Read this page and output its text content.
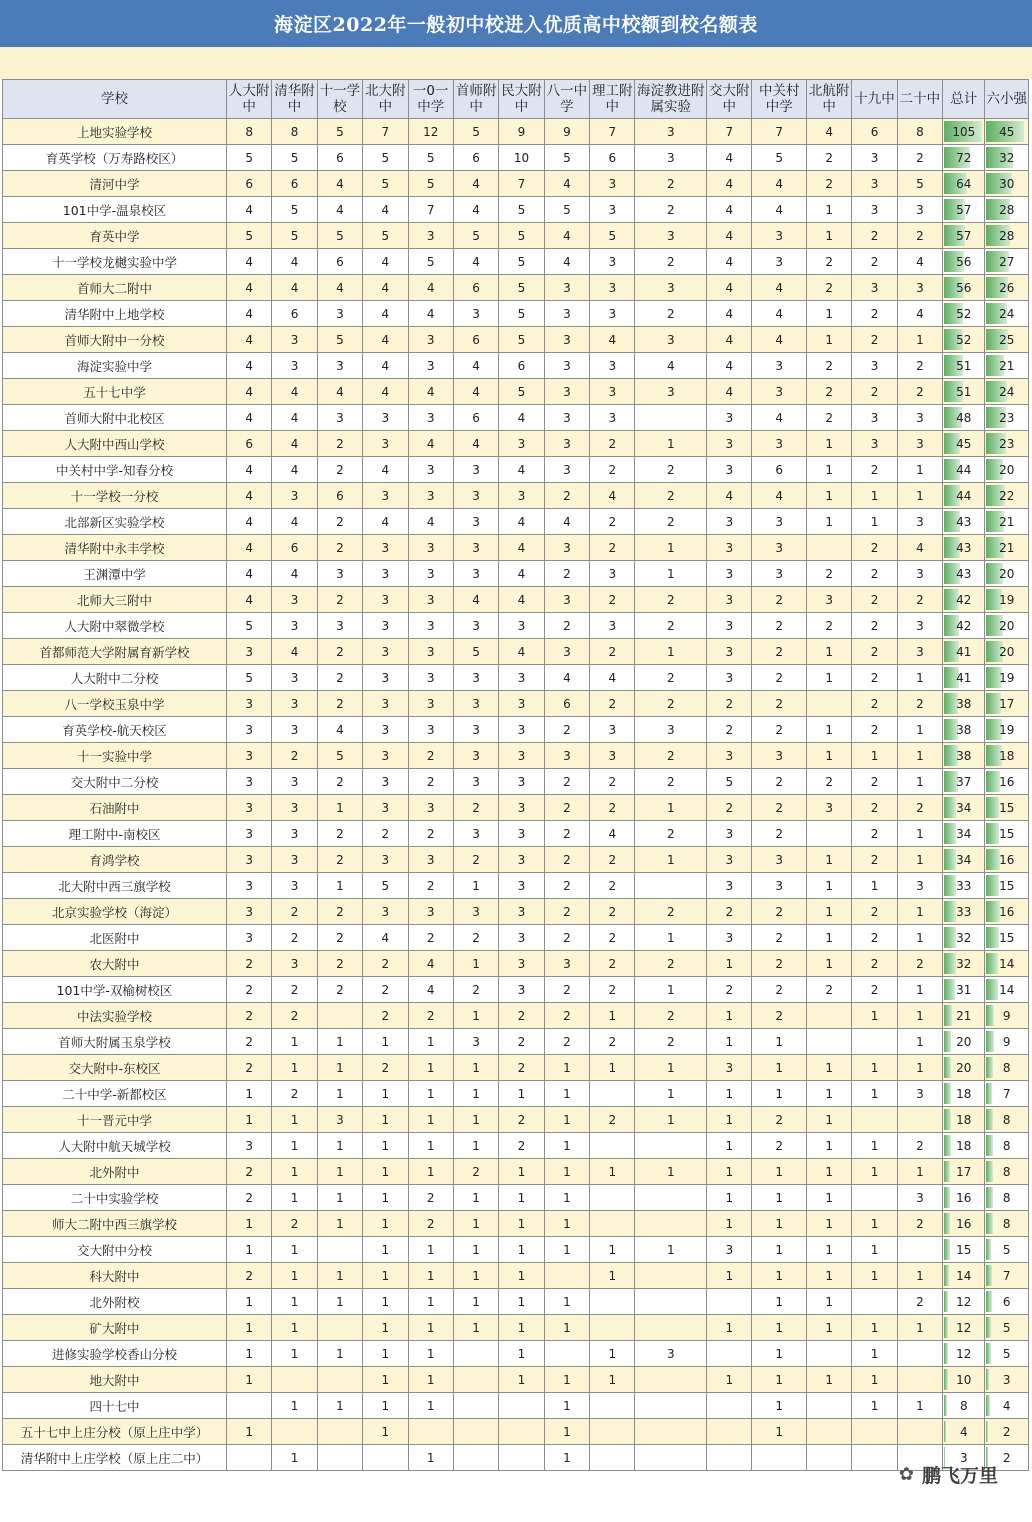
海淀区2022年一般初中校进入优质高中校额到校名额表
学校	人大附中	清华附中	十一学校	北大附中	一0一中学	首师附中	民大附中	八一中学	理工附中	海淀教进附属实验	交大附中	中关村中学	北航附中	十九中	二十中	总计	六小强
上地实验学校	8	8	5	7	12	5	9	9	7	3	7	7	4	6	8	105	45
育英学校（万寿路校区）	5	5	6	5	5	6	10	5	6	3	4	5	2	3	2	72	32
清河中学	6	6	4	5	5	4	7	4	3	2	4	4	2	3	5	64	30
101中学-温泉校区	4	5	4	4	7	4	5	5	3	2	4	4	1	3	3	57	28
育英中学	5	5	5	5	3	5	5	4	5	3	4	3	1	2	2	57	28
十一学校龙樾实验中学	4	4	6	4	5	4	5	4	3	2	4	3	2	2	4	56	27
首师大二附中	4	4	4	4	4	6	5	3	3	3	4	4	2	3	3	56	26
清华附中上地学校	4	6	3	4	4	3	5	3	3	2	4	4	1	2	4	52	24
首师大附中一分校	4	3	5	4	3	6	5	3	4	3	4	4	1	2	1	52	25
海淀实验中学	4	3	3	4	3	4	6	3	3	4	4	3	2	3	2	51	21
五十七中学	4	4	4	4	4	4	5	3	3	3	4	3	2	2	2	51	24
首师大附中北校区	4	4	3	3	3	6	4	3	3		3	4	2	3	3	48	23
人大附中西山学校	6	4	2	3	4	4	3	3	2	1	3	3	1	3	3	45	23
中关村中学-知春分校	4	4	2	4	3	3	4	3	2	2	3	6	1	2	1	44	20
十一学校一分校	4	3	6	3	3	3	3	2	4	2	4	4	1	1	1	44	22
北部新区实验学校	4	4	2	4	4	3	4	4	2	2	3	3	1	1	3	43	21
清华附中永丰学校	4	6	2	3	3	3	4	3	2	1	3	3		2	4	43	21
王渊潭中学	4	4	3	3	3	3	4	2	3	1	3	3	2	2	3	43	20
北师大三附中	4	3	2	3	3	4	4	3	2	2	3	2	3	2	2	42	19
人大附中翠微学校	5	3	3	3	3	3	3	2	3	2	3	2	2	2	3	42	20
首都师范大学附属育新学校	3	4	2	3	3	5	4	3	2	1	3	2	1	2	3	41	20
人大附中二分校	5	3	2	3	3	3	3	4	4	2	3	2	1	2	1	41	19
八一学校玉泉中学	3	3	2	3	3	3	3	6	2	2	2	2		2	2	38	17
育英学校-航天校区	3	3	4	3	3	3	3	2	3	3	2	2	1	2	1	38	19
十一实验中学	3	2	5	3	2	3	3	3	3	2	3	3	1	1	1	38	18
交大附中二分校	3	3	2	3	2	3	3	2	2	2	5	2	2	2	1	37	16
石油附中	3	3	1	3	3	2	3	2	2	1	2	2	3	2	2	34	15
理工附中-南校区	3	3	2	2	2	3	3	2	4	2	3	2		2	1	34	15
育鸿学校	3	3	2	3	3	2	3	2	2	1	3	3	1	2	1	34	16
北大附中西三旗学校	3	3	1	5	2	1	3	2	2		3	3	1	1	3	33	15
北京实验学校（海淀）	3	2	2	3	3	3	3	2	2	2	2	2	1	2	1	33	16
北医附中	3	2	2	4	2	2	3	2	2	1	3	2	1	2	1	32	15
农大附中	2	3	2	2	4	1	3	3	2	2	1	2	1	2	2	32	14
101中学-双榆树校区	2	2	2	2	4	2	3	2	2	1	2	2	2	2	1	31	14
中法实验学校	2	2		2	2	1	2	2	1	2	1	2		1	1	21	9
首师大附属玉泉学校	2	1	1	1	1	3	2	2	2	2	1	1			1	20	9
交大附中-东校区	2	1	1	2	1	1	2	1	1	1	3	1	1	1	1	20	8
二十中学-新都校区	1	2	1	1	1	1	1	1		1	1	1	1	1	3	18	7
十一晋元中学	1	1	3	1	1	1	2	1	2	1	1	2	1			18	8
人大附中航天城学校	3	1	1	1	1	1	2	1			1	2	1	1	2	18	8
北外附中	2	1	1	1	1	2	1	1	1	1	1	1	1	1	1	17	8
二十中实验学校	2	1	1	1	2	1	1	1			1	1	1		3	16	8
师大二附中西三旗学校	1	2	1	1	2	1	1	1			1	1	1	1	2	16	8
交大附中分校	1	1		1	1	1	1	1	1	1	3	1	1	1		15	5
科大附中	2	1	1	1	1	1	1		1		1	1	1	1	1	14	7
北外附校	1	1	1	1	1	1	1	1				1	1		2	12	6
矿大附中	1	1		1	1	1	1	1			1	1	1	1	1	12	5
进修实验学校香山分校	1	1	1	1	1		1		1	3		1		1		12	5
地大附中	1			1	1		1	1	1		1	1	1	1		10	3
四十七中		1	1	1	1			1				1		1	1	8	4
五十七中上庄分校（原上庄中学）	1			1				1				1				4	2
清华附中上庄学校（原上庄二中）		1			1			1								3	2
✿ 鹏飞万里
